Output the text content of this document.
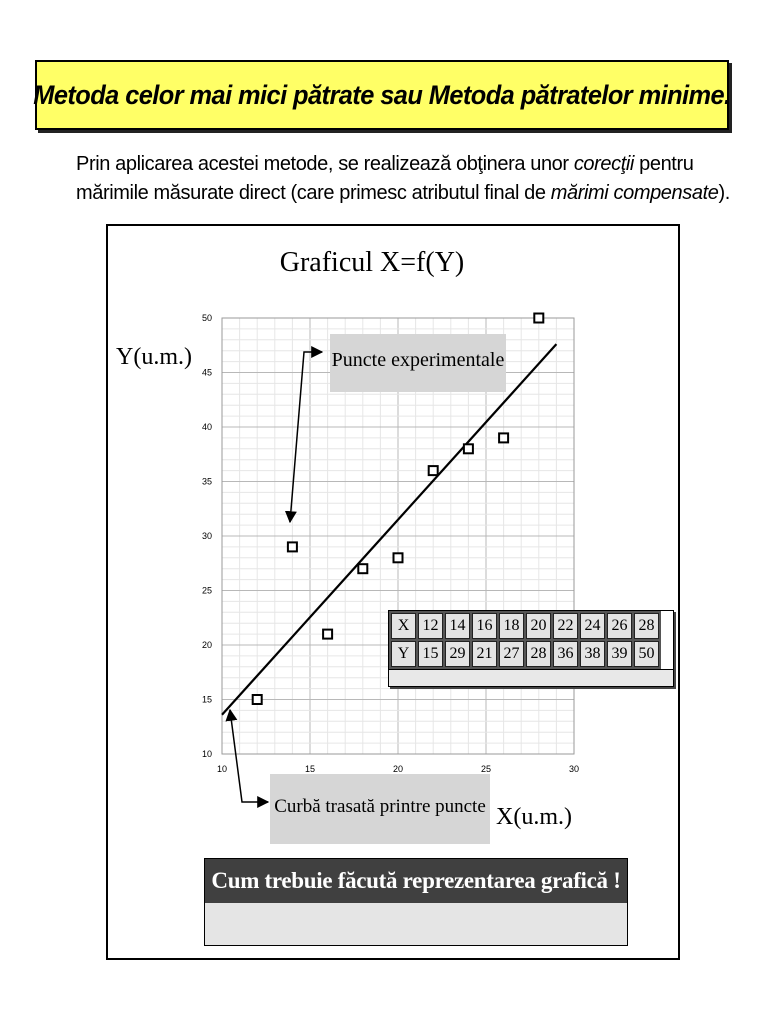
Metoda celor mai mici pătrate sau Metoda pătratelor minime.

Prin aplicarea acestei metode, se realizează obţinera unor corecţii pentru mărimile măsurate direct (care primesc atributul final de mărimi compensate).

Graficul X=f(Y)
Y(u.m.)
X(u.m.)
10	15	20	25	30
10
15
20
25
30
35
40
45
50
Puncte experimentale
Curbă trasată printre puncte
X	12	14	16	18	20	22	24	26	28
Y	15	29	21	27	28	36	38	39	50
Cum trebuie făcută reprezentarea grafică !
